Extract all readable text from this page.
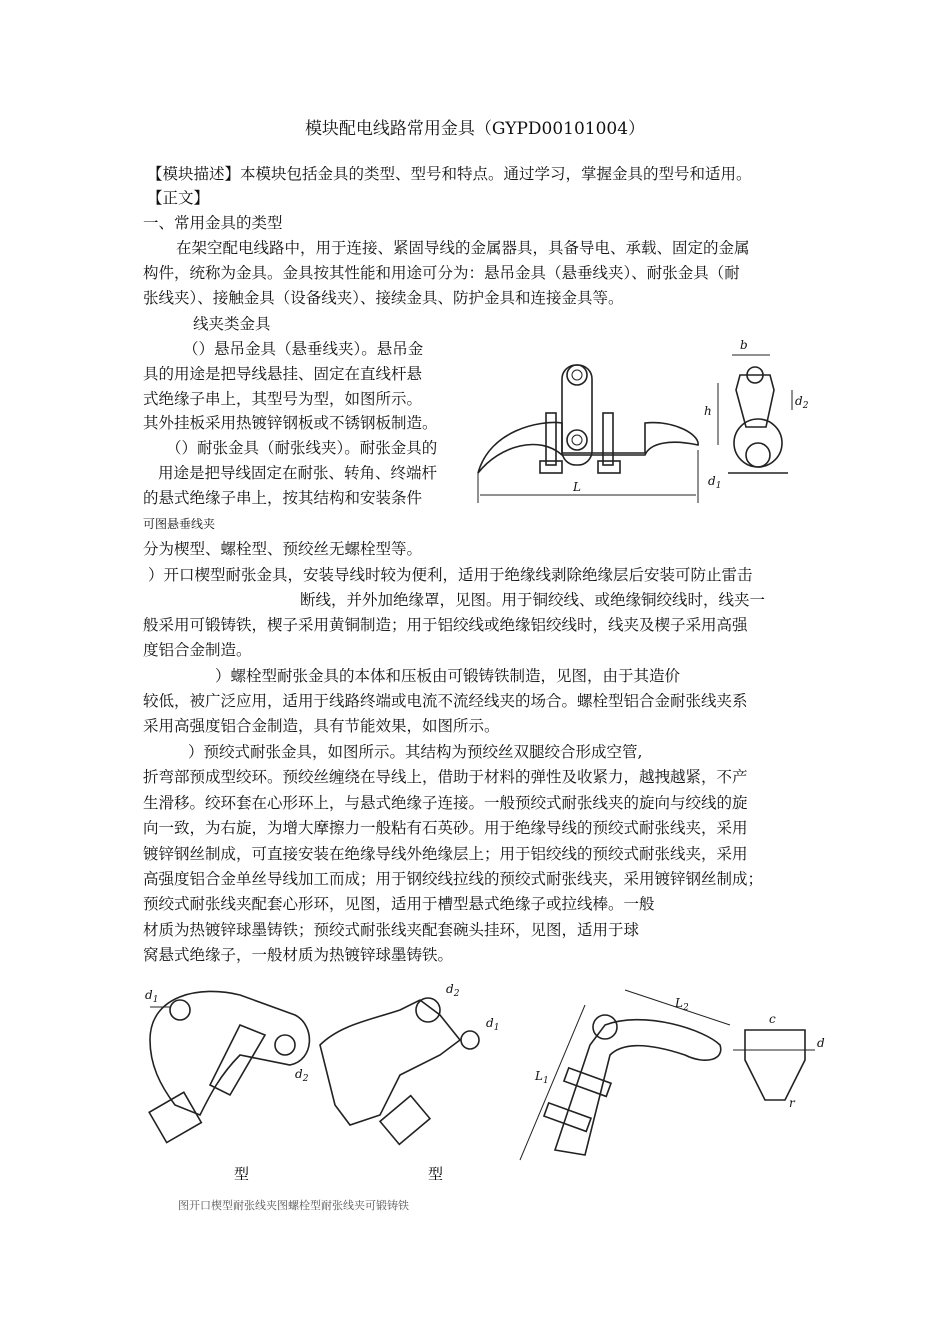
模块配电线路常用金具（GYPD00101004）
【模块描述】本模块包括金具的类型、型号和特点。通过学习，掌握金具的型号和适用。
【正文】
一、常用金具的类型
在架空配电线路中，用于连接、紧固导线的金属器具，具备导电、承载、固定的金属
构件，统称为金具。金具按其性能和用途可分为：悬吊金具（悬垂线夹）、耐张金具（耐
张线夹）、接触金具（设备线夹）、接续金具、防护金具和连接金具等。
线夹类金具
（）悬吊金具（悬垂线夹）。悬吊金
具的用途是把导线悬挂、固定在直线杆悬
式绝缘子串上，其型号为型，如图所示。
其外挂板采用热镀锌钢板或不锈钢板制造。
（）耐张金具（耐张线夹）。耐张金具的
用途是把导线固定在耐张、转角、终端杆
的悬式绝缘子串上，按其结构和安装条件
可图悬垂线夹
分为楔型、螺栓型、预绞丝无螺栓型等。
）开口楔型耐张金具，安装导线时较为便利，适用于绝缘线剥除绝缘层后安装可防止雷击
断线，并外加绝缘罩，见图。用于铜绞线、或绝缘铜绞线时，线夹一
般采用可锻铸铁，楔子采用黄铜制造；用于铝绞线或绝缘铝绞线时，线夹及楔子采用高强
度铝合金制造。
）螺栓型耐张金具的本体和压板由可锻铸铁制造，见图，由于其造价
较低，被广泛应用，适用于线路终端或电流不流经线夹的场合。螺栓型铝合金耐张线夹系
采用高强度铝合金制造，具有节能效果，如图所示。
）预绞式耐张金具，如图所示。其结构为预绞丝双腿绞合形成空管,
折弯部预成型绞环。预绞丝缠绕在导线上，借助于材料的弹性及收紧力，越拽越紧，不产
生滑移。绞环套在心形环上，与悬式绝缘子连接。一般预绞式耐张线夹的旋向与绞线的旋
向一致，为右旋，为增大摩擦力一般粘有石英砂。用于绝缘导线的预绞式耐张线夹，采用
镀锌钢丝制成，可直接安装在绝缘导线外绝缘层上；用于铝绞线的预绞式耐张线夹，采用
高强度铝合金单丝导线加工而成；用于钢绞线拉线的预绞式耐张线夹，采用镀锌钢丝制成；
预绞式耐张线夹配套心形环，见图，适用于槽型悬式绝缘子或拉线棒。一般
材质为热镀锌球墨铸铁；预绞式耐张线夹配套碗头挂环，见图，适用于球
窝悬式绝缘子，一般材质为热镀锌球墨铸铁。
L
h
b
$d_2$
$d_1$
$d_1$
$d_2$
$d_2$
$d_1$
型	型
$L_1$
$L_2$
c
d
r
图开口楔型耐张线夹图螺栓型耐张线夹可锻铸铁
